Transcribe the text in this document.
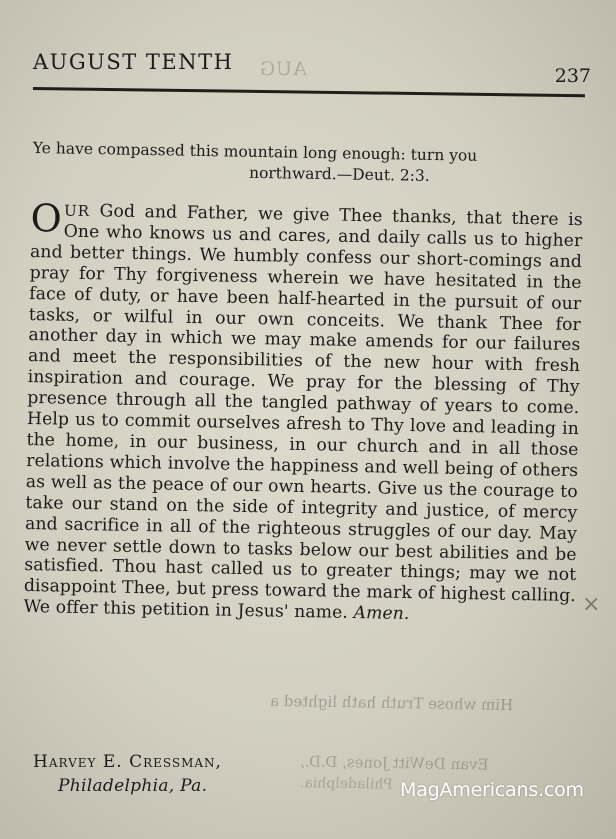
AUGUST TENTH AUG	237
Ye have compassed this mountain long enough: turn you
northward.—Deut. 2:3.
OUR God and Father, we give Thee thanks, that there is One who knows us and cares, and daily calls us to higher and better things. We humbly confess our short-comings and pray for Thy forgiveness wherein we have hesitated in the face of duty, or have been half-hearted in the pursuit of our tasks, or wilful in our own conceits. We thank Thee for another day in which we may make amends for our failures and meet the responsibilities of the new hour with fresh inspiration and courage. We pray for the blessing of Thy presence through all the tangled pathway of years to come. Help us to commit ourselves afresh to Thy love and leading in the home, in our business, in our church and in all those relations which involve the happiness and well being of others as well as the peace of our own hearts. Give us the courage to take our stand on the side of integrity and justice, of mercy and sacrifice in all of the righteous struggles of our day. May we never settle down to tasks below our best abilities and be satisfied. Thou hast called us to greater things; may we not disappoint Thee, but press toward the mark of highest calling. We offer this petition in Jesus' name. Amen.
Him whose Truth hath lighted a
Evan DeWitt Jones, D.D.,
Philadelphia.
×
Harvey E. Cressman,
Philadelphia, Pa.	MagAmericans.com
